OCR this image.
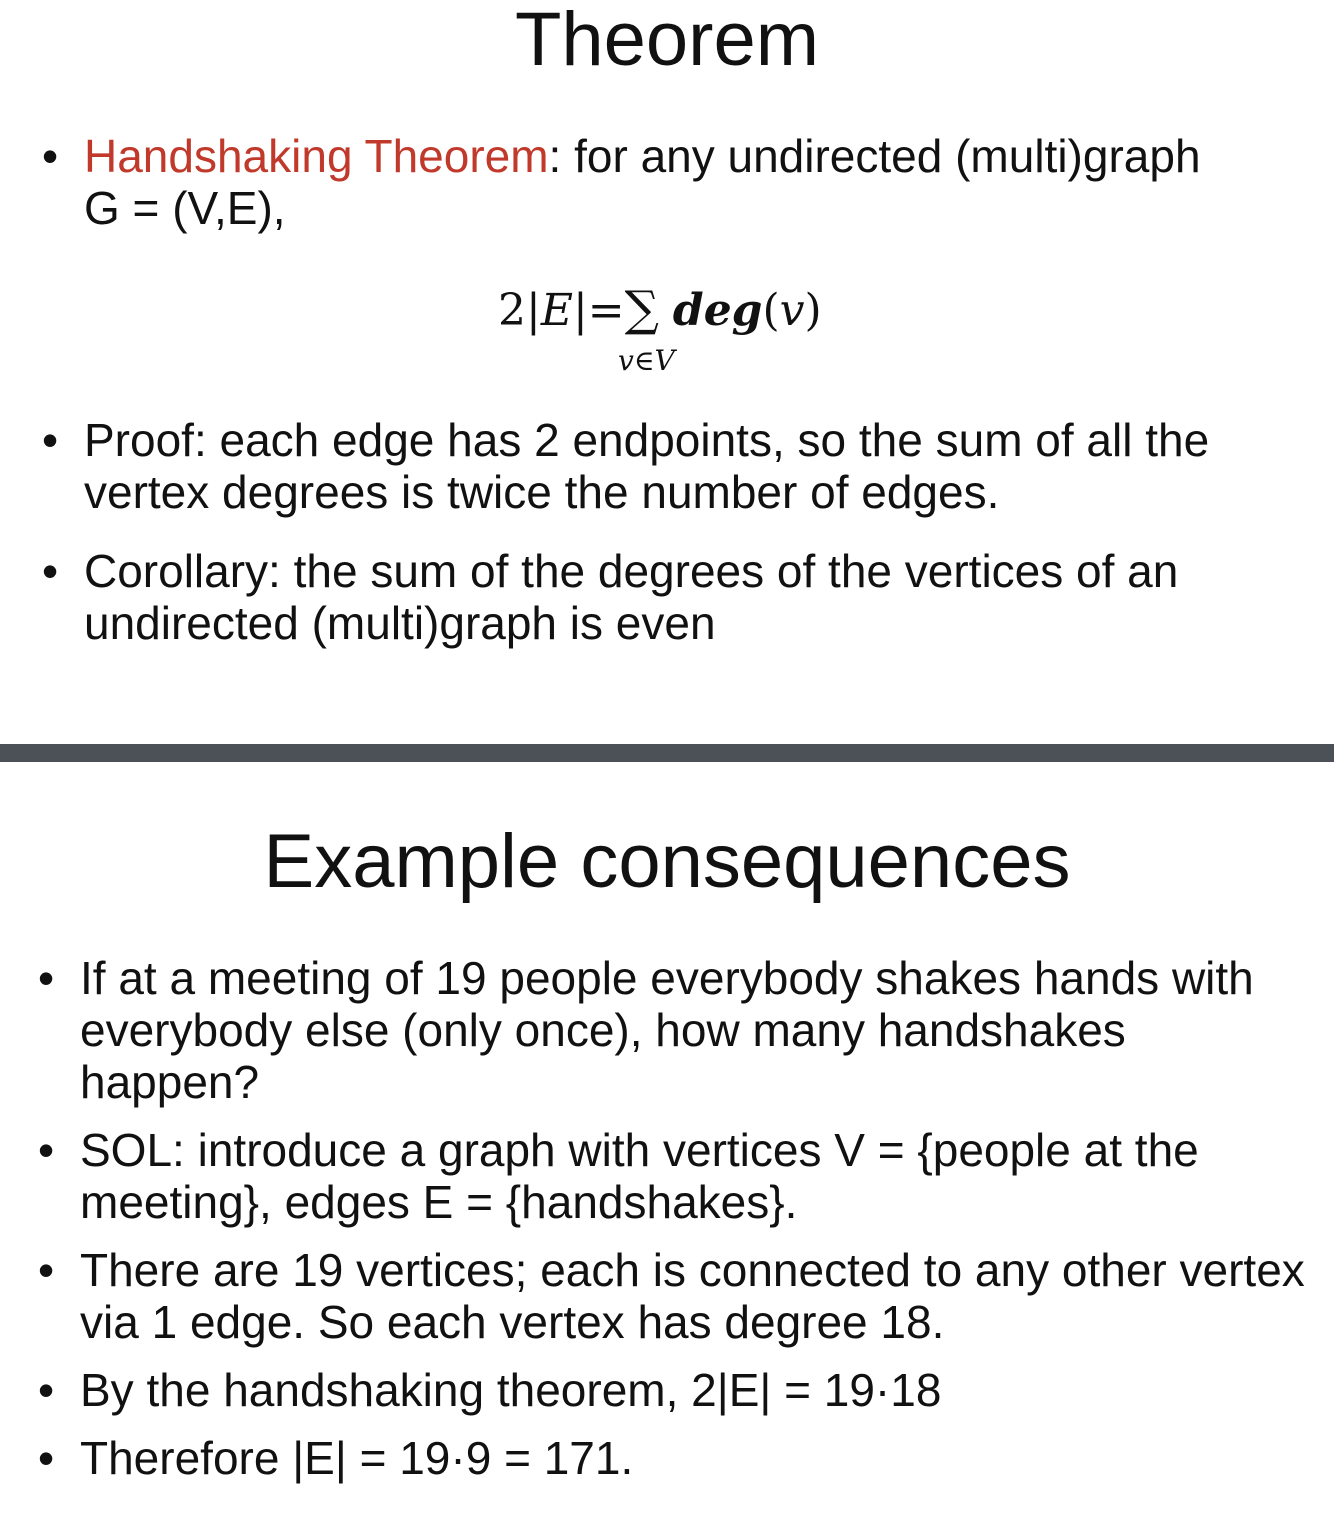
Theorem
• Handshaking Theorem: for any undirected (multi)graph
G = (V,E),
2|E|=∑ deg(v)
v∈V
• Proof: each edge has 2 endpoints, so the sum of all the
vertex degrees is twice the number of edges.
• Corollary: the sum of the degrees of the vertices of an
undirected (multi)graph is even
Example consequences
• If at a meeting of 19 people everybody shakes hands with
everybody else (only once), how many handshakes
happen?
• SOL: introduce a graph with vertices V = {people at the
meeting}, edges E = {handshakes}.
• There are 19 vertices; each is connected to any other vertex
via 1 edge. So each vertex has degree 18.
• By the handshaking theorem, 2|E| = 19·18
• Therefore |E| = 19·9 = 171.
